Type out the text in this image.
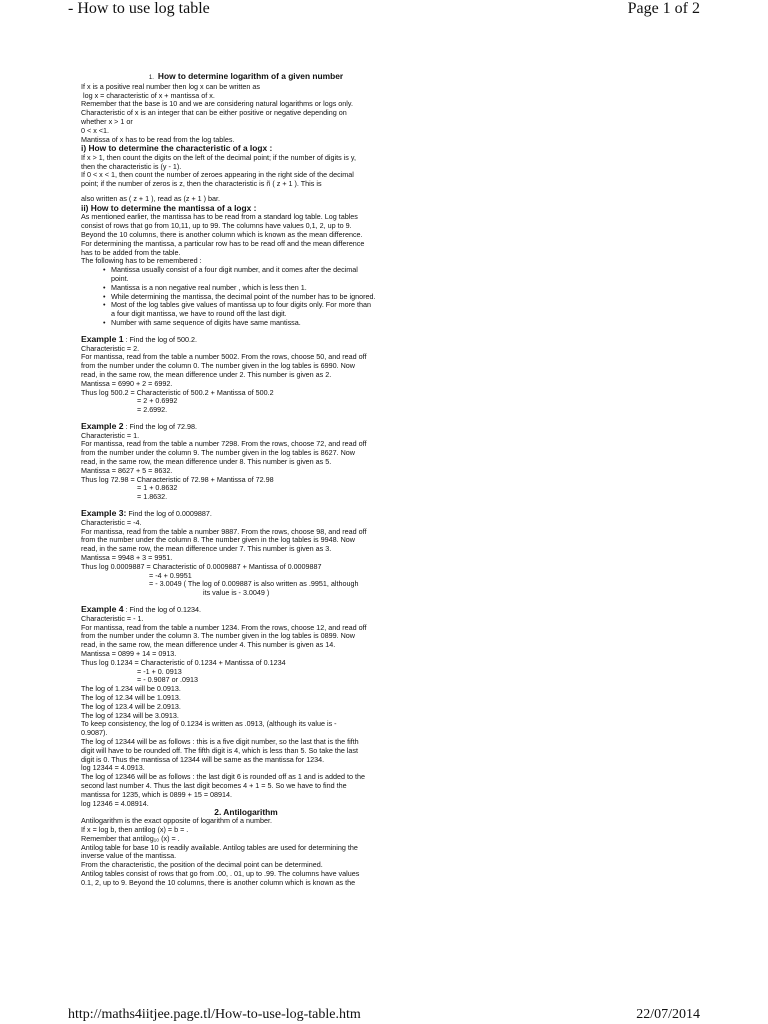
- How to use log table	Page 1 of 2

1. How to determine logarithm of a given number

If x is a positive real number then log x can be written as

log x = characteristic of x + mantissa of x.

Remember that the base is 10 and we are considering natural logarithms or logs only.

Characteristic of x is an integer that can be either positive or negative depending on

whether x > 1 or

0 < x <1.

Mantissa of x has to be read from the log tables.

i) How to determine the characteristic of a logx :

If x > 1, then count the digits on the left of the decimal point; if the number of digits is y,

then the characteristic is (y - 1).

If 0 < x < 1, then count the number of zeroes appearing in the right side of the decimal

point; if the number of zeros is z, then the characteristic is ñ ( z + 1 ). This is

also written as ( z + 1 ), read as (z + 1 ) bar.

ii) How to determine the mantissa of a logx :

As mentioned earlier, the mantissa has to be read from a standard log table. Log tables

consist of rows that go from 10,11, up to 99. The columns have values 0,1, 2, up to 9.

Beyond the 10 columns, there is another column which is known as the mean difference.

For determining the mantissa, a particular row has to be read off and the mean difference

has to be added from the table.

The following has to be remembered :

• Mantissa usually consist of a four digit number, and it comes after the decimal

point.

• Mantissa is a non negative real number , which is less then 1.
• While determining the mantissa, the decimal point of the number has to be ignored.
• Most of the log tables give values of mantissa up to four digits only. For more than

a four digit mantissa, we have to round off the last digit.

• Number with same sequence of digits have same mantissa.

Example 1 : Find the log of 500.2.

Characteristic = 2.

For mantissa, read from the table a number 5002. From the rows, choose 50, and read off

from the number under the column 0. The number given in the log tables is 6990. Now

read, in the same row, the mean difference under 2. This number is given as 2.

Mantissa = 6990 + 2 = 6992.

Thus log 500.2 = Characteristic of 500.2 + Mantissa of 500.2

= 2 + 0.6992

= 2.6992.

Example 2 : Find the log of 72.98.

Characteristic = 1.

For mantissa, read from the table a number 7298. From the rows, choose 72, and read off

from the number under the column 9. The number given in the log tables is 8627. Now

read, in the same row, the mean difference under 8. This number is given as 5.

Mantissa = 8627 + 5 = 8632.

Thus log 72.98 = Characteristic of 72.98 + Mantissa of 72.98

= 1 + 0.8632

= 1.8632.

Example 3: Find the log of 0.0009887.

Characteristic = -4.

For mantissa, read from the table a number 9887. From the rows, choose 98, and read off

from the number under the column 8. The number given in the log tables is 9948. Now

read, in the same row, the mean difference under 7. This number is given as 3.

Mantissa = 9948 + 3 = 9951.

Thus log 0.0009887 = Characteristic of 0.0009887 + Mantissa of 0.0009887

= -4 + 0.9951

= - 3.0049 ( The log of 0.009887 is also written as .9951, although

its value is - 3.0049 )

Example 4 : Find the log of 0.1234.

Characteristic = - 1.

For mantissa, read from the table a number 1234. From the rows, choose 12, and read off

from the number under the column 3. The number given in the log tables is 0899. Now

read, in the same row, the mean difference under 4. This number is given as 14.

Mantissa = 0899 + 14 = 0913.

Thus log 0.1234 = Characteristic of 0.1234 + Mantissa of 0.1234

= -1 + 0. 0913

= - 0.9087 or .0913

The log of 1.234 will be 0.0913.

The log of 12.34 will be 1.0913.

The log of 123.4 will be 2.0913.

The log of 1234 will be 3.0913.

To keep consistency, the log of 0.1234 is written as .0913, (although its value is -

0.9087).

The log of 12344 will be as follows : this is a five digit number, so the last that is the fifth

digit will have to be rounded off. The fifth digit is 4, which is less than 5. So take the last

digit is 0. Thus the mantissa of 12344 will be same as the mantissa for 1234.

log 12344 = 4.0913.

The log of 12346 will be as follows : the last digit 6 is rounded off as 1 and is added to the

second last number 4. Thus the last digit becomes 4 + 1 = 5. So we have to find the

mantissa for 1235, which is 0899 + 15 = 08914.

log 12346 = 4.08914.

2. Antilogarithm

Antilogarithm is the exact opposite of logarithm of a number.

If x = log b, then antilog (x) = b = .

Remember that antilog₁₀ (x) = .

Antilog table for base 10 is readily available. Antilog tables are used for determining the

inverse value of the mantissa.

From the characteristic, the position of the decimal point can be determined.

Antilog tables consist of rows that go from .00, . 01, up to .99. The columns have values

0.1, 2, up to 9. Beyond the 10 columns, there is another column which is known as the

http://maths4iitjee.page.tl/How-to-use-log-table.htm	22/07/2014
